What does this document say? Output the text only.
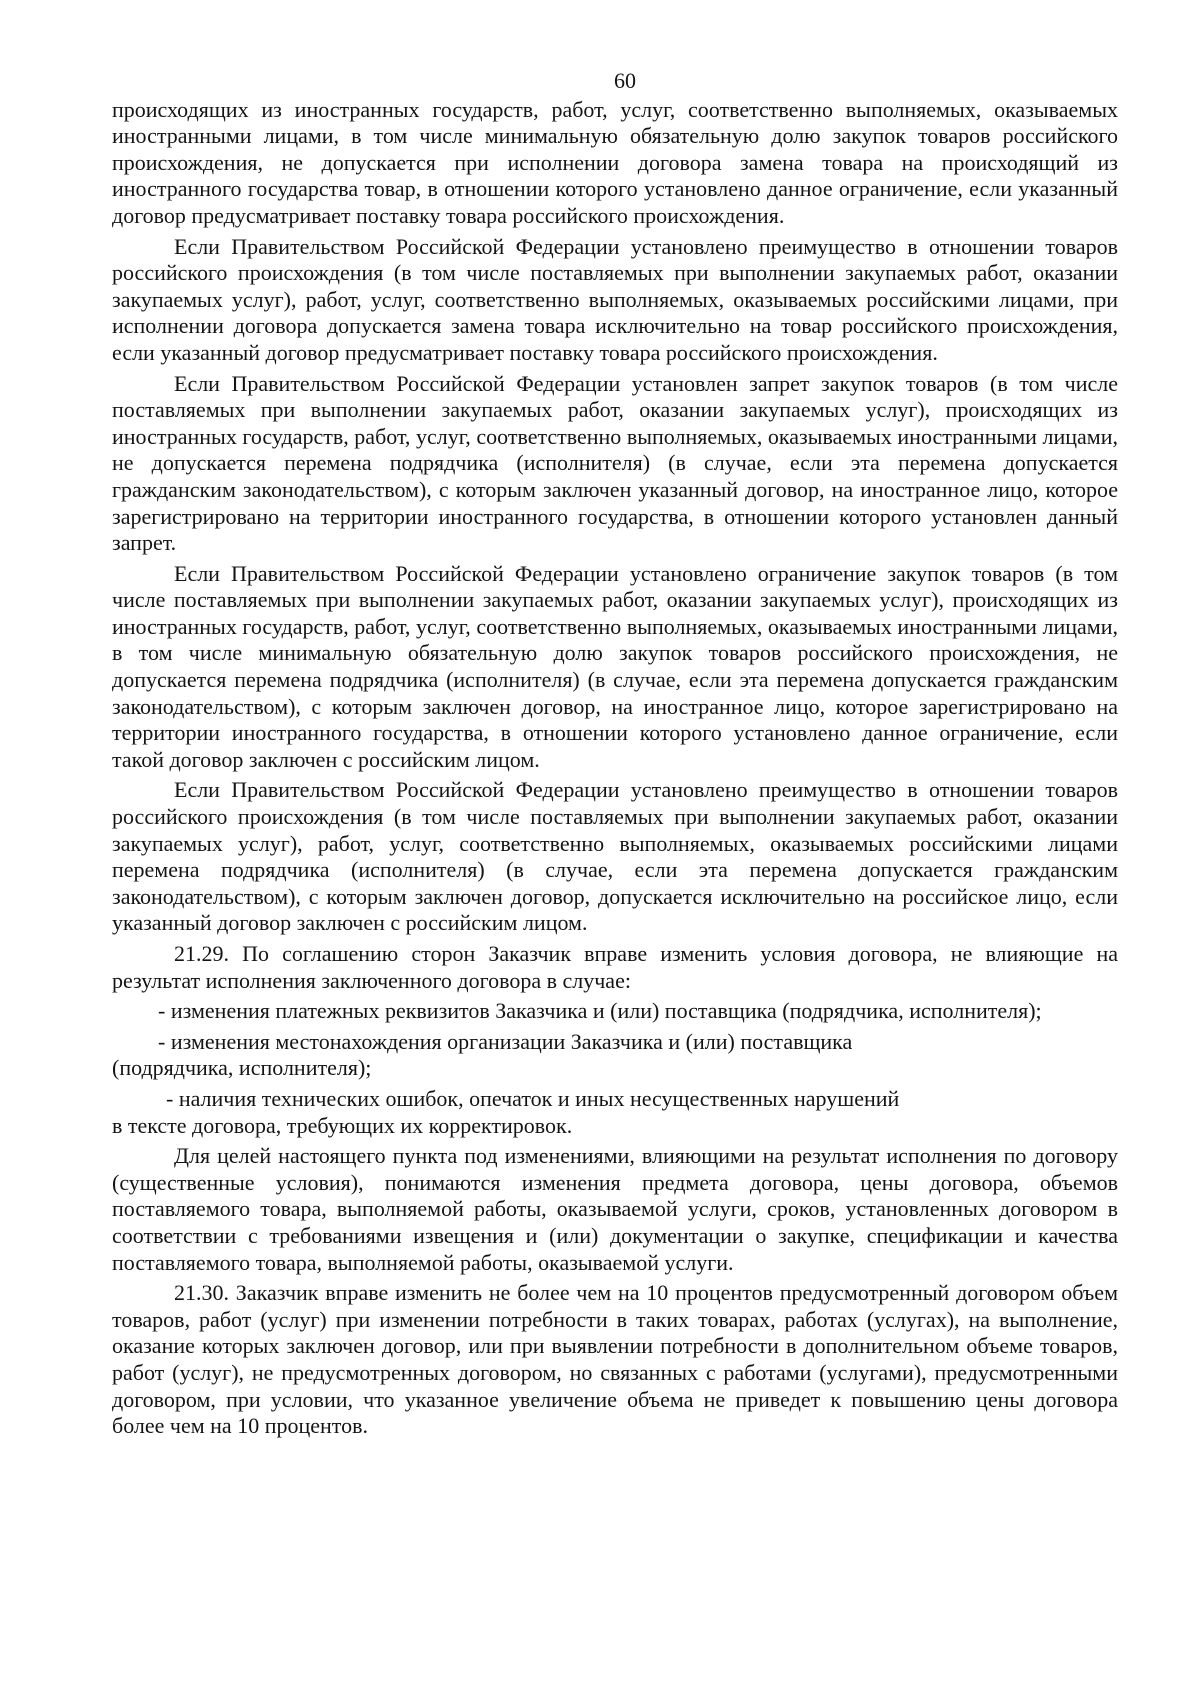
60

происходящих из иностранных государств, работ, услуг, соответственно выполняемых, оказываемых иностранными лицами, в том числе минимальную обязательную долю закупок товаров российского происхождения, не допускается при исполнении договора замена товара на происходящий из иностранного государства товар, в отношении которого установлено данное ограничение, если указанный договор предусматривает поставку товара российского происхождения.

Если Правительством Российской Федерации установлено преимущество в отношении товаров российского происхождения (в том числе поставляемых при выполнении закупаемых работ, оказании закупаемых услуг), работ, услуг, соответственно выполняемых, оказываемых российскими лицами, при исполнении договора допускается замена товара исключительно на товар российского происхождения, если указанный договор предусматривает поставку товара российского происхождения.

Если Правительством Российской Федерации установлен запрет закупок товаров (в том числе поставляемых при выполнении закупаемых работ, оказании закупаемых услуг), происходящих из иностранных государств, работ, услуг, соответственно выполняемых, оказываемых иностранными лицами, не допускается перемена подрядчика (исполнителя) (в случае, если эта перемена допускается гражданским законодательством), с которым заключен указанный договор, на иностранное лицо, которое зарегистрировано на территории иностранного государства, в отношении которого установлен данный запрет.

Если Правительством Российской Федерации установлено ограничение закупок товаров (в том числе поставляемых при выполнении закупаемых работ, оказании закупаемых услуг), происходящих из иностранных государств, работ, услуг, соответственно выполняемых, оказываемых иностранными лицами, в том числе минимальную обязательную долю закупок товаров российского происхождения, не допускается перемена подрядчика (исполнителя) (в случае, если эта перемена допускается гражданским законодательством), с которым заключен договор, на иностранное лицо, которое зарегистрировано на территории иностранного государства, в отношении которого установлено данное ограничение, если такой договор заключен с российским лицом.

Если Правительством Российской Федерации установлено преимущество в отношении товаров российского происхождения (в том числе поставляемых при выполнении закупаемых работ, оказании закупаемых услуг), работ, услуг, соответственно выполняемых, оказываемых российскими лицами перемена подрядчика (исполнителя) (в случае, если эта перемена допускается гражданским законодательством), с которым заключен договор, допускается исключительно на российское лицо, если указанный договор заключен с российским лицом.

21.29. По соглашению сторон Заказчик вправе изменить условия договора, не влияющие на результат исполнения заключенного договора в случае:

- изменения платежных реквизитов Заказчика и (или) поставщика (подрядчика, исполнителя);

- изменения местонахождения организации Заказчика и (или) поставщика
(подрядчика, исполнителя);

- наличия технических ошибок, опечаток и иных несущественных нарушений
в тексте договора, требующих их корректировок.

Для целей настоящего пункта под изменениями, влияющими на результат исполнения по договору (существенные условия), понимаются изменения предмета договора, цены договора, объемов поставляемого товара, выполняемой работы, оказываемой услуги, сроков, установленных договором в соответствии с требованиями извещения и (или) документации о закупке, спецификации и качества поставляемого товара, выполняемой работы, оказываемой услуги.

21.30. Заказчик вправе изменить не более чем на 10 процентов предусмотренный договором объем товаров, работ (услуг) при изменении потребности в таких товарах, работах (услугах), на выполнение, оказание которых заключен договор, или при выявлении потребности в дополнительном объеме товаров, работ (услуг), не предусмотренных договором, но связанных с работами (услугами), предусмотренными договором, при условии, что указанное увеличение объема не приведет к повышению цены договора более чем на 10 процентов.
